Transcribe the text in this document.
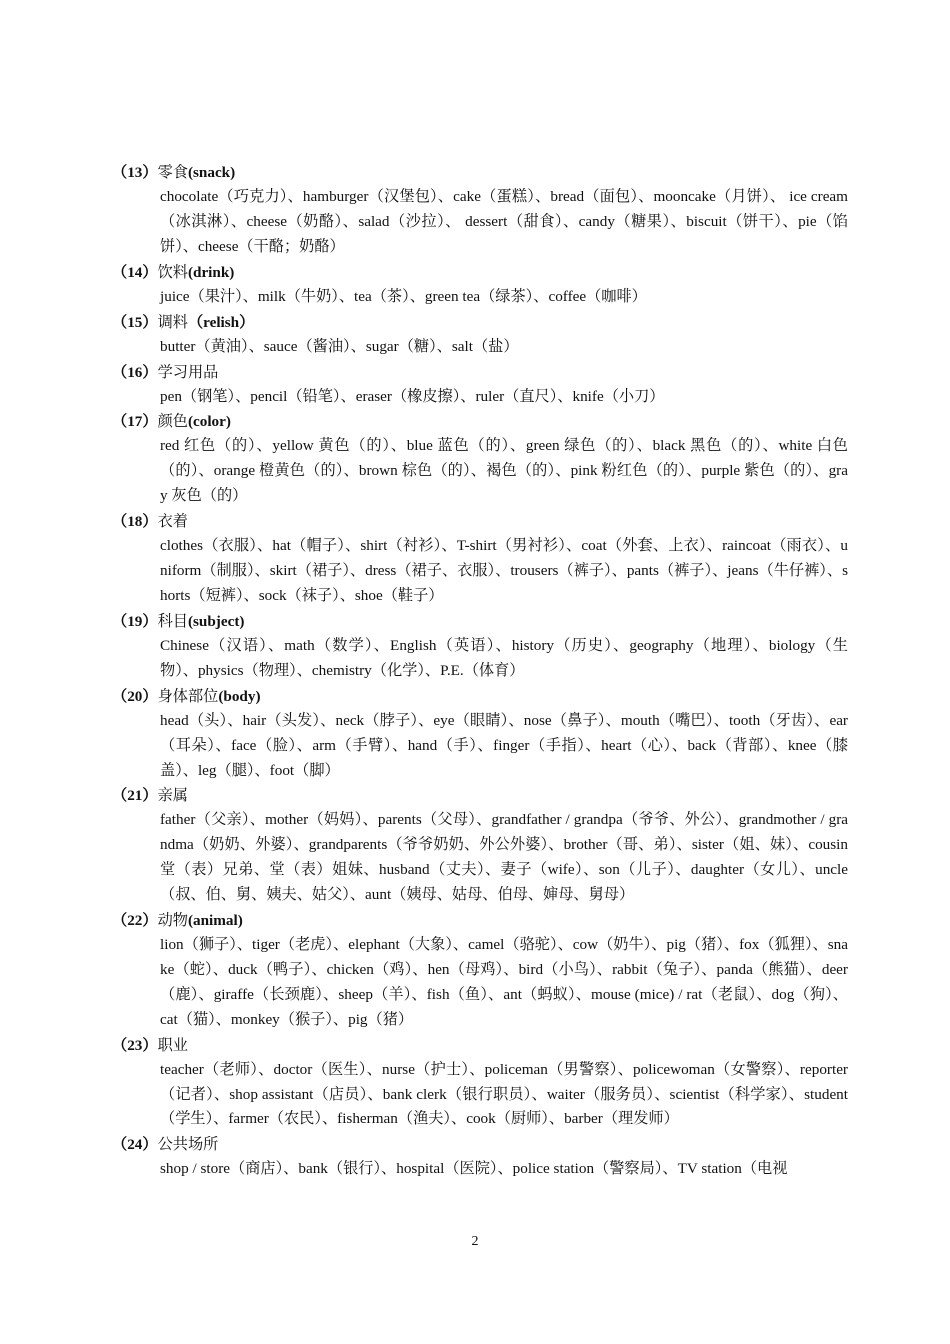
（13）零食(snack)
chocolate（巧克力）、hamburger（汉堡包）、cake（蛋糕）、bread（面包）、mooncake（月饼）、 ice cream（冰淇淋）、cheese（奶酪）、salad（沙拉）、 dessert（甜食）、candy（糖果）、biscuit（饼干）、pie（馅饼）、cheese（干酪；奶酪）
（14）饮料(drink)
juice（果汁）、milk（牛奶）、tea（茶）、green tea（绿茶）、coffee（咖啡）
（15）调料（relish）
butter（黄油）、sauce（酱油）、sugar（糖）、salt（盐）
（16）学习用品
pen（钢笔）、pencil（铅笔）、eraser（橡皮擦）、ruler（直尺）、knife（小刀）
（17）颜色(color)
red 红色（的）、yellow 黄色（的）、blue 蓝色（的）、green 绿色（的）、black 黑色（的）、white 白色（的）、orange 橙黄色（的）、brown 棕色（的）、褐色（的）、pink 粉红色（的）、purple 紫色（的）、gray 灰色（的）
（18）衣着
clothes（衣服）、hat（帽子）、shirt（衬衫）、T-shirt（男衬衫）、coat（外套、上衣）、raincoat（雨衣）、uniform（制服）、skirt（裙子）、dress（裙子、衣服）、trousers（裤子）、pants（裤子）、jeans（牛仔裤）、shorts（短裤）、sock（袜子）、shoe（鞋子）
（19）科目(subject)
Chinese（汉语）、math（数学）、English（英语）、history（历史）、geography（地理）、biology（生物）、physics（物理）、chemistry（化学）、P.E.（体育）
（20）身体部位(body)
head（头）、hair（头发）、neck（脖子）、eye（眼睛）、nose（鼻子）、mouth（嘴巴）、tooth（牙齿）、ear（耳朵）、face（脸）、arm（手臂）、hand（手）、finger（手指）、heart（心）、back（背部）、knee（膝盖）、leg（腿）、foot（脚）
（21）亲属
father（父亲）、mother（妈妈）、parents（父母）、grandfather / grandpa（爷爷、外公）、grandmother / grandma（奶奶、外婆）、grandparents（爷爷奶奶、外公外婆）、brother（哥、弟）、sister（姐、妹）、cousin 堂（表）兄弟、堂（表）姐妹、husband（丈夫）、妻子（wife）、son（儿子）、daughter（女儿）、uncle（叔、伯、舅、姨夫、姑父）、aunt（姨母、姑母、伯母、婶母、舅母）
（22）动物(animal)
lion（狮子）、tiger（老虎）、elephant（大象）、camel（骆驼）、cow（奶牛）、pig（猪）、fox（狐狸）、snake（蛇）、duck（鸭子）、chicken（鸡）、hen（母鸡）、bird（小鸟）、rabbit（兔子）、panda（熊猫）、deer（鹿）、giraffe（长颈鹿）、sheep（羊）、fish（鱼）、ant（蚂蚁）、mouse (mice) / rat（老鼠）、dog（狗）、cat（猫）、monkey（猴子）、pig（猪）
（23）职业
teacher（老师）、doctor（医生）、nurse（护士）、policeman（男警察）、policewoman（女警察）、reporter（记者）、shop assistant（店员）、bank clerk（银行职员）、waiter（服务员）、scientist（科学家）、student（学生）、farmer（农民）、fisherman（渔夫）、cook（厨师）、barber（理发师）
（24）公共场所
shop / store（商店）、bank（银行）、hospital（医院）、police station（警察局）、TV station（电视
2
